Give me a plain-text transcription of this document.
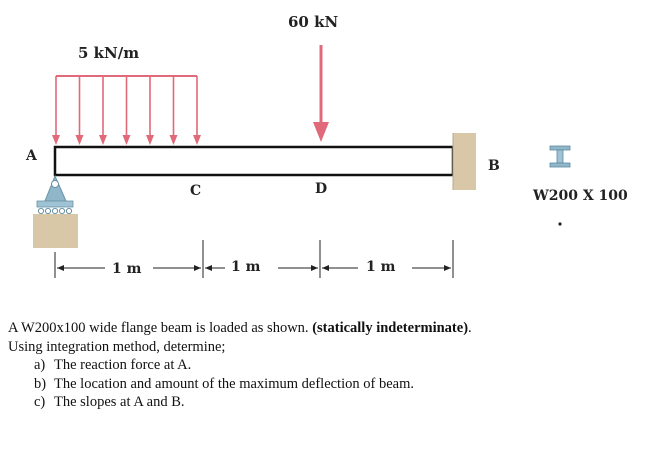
5 kN/m
60 kN
A
B
C	D	W200 X 100
1 m	1 m	1 m

A W200x100 wide flange beam is loaded as shown. (statically indeterminate).

Using integration method, determine;

a) The reaction force at A.
b) The location and amount of the maximum deflection of beam.
c) The slopes at A and B.
